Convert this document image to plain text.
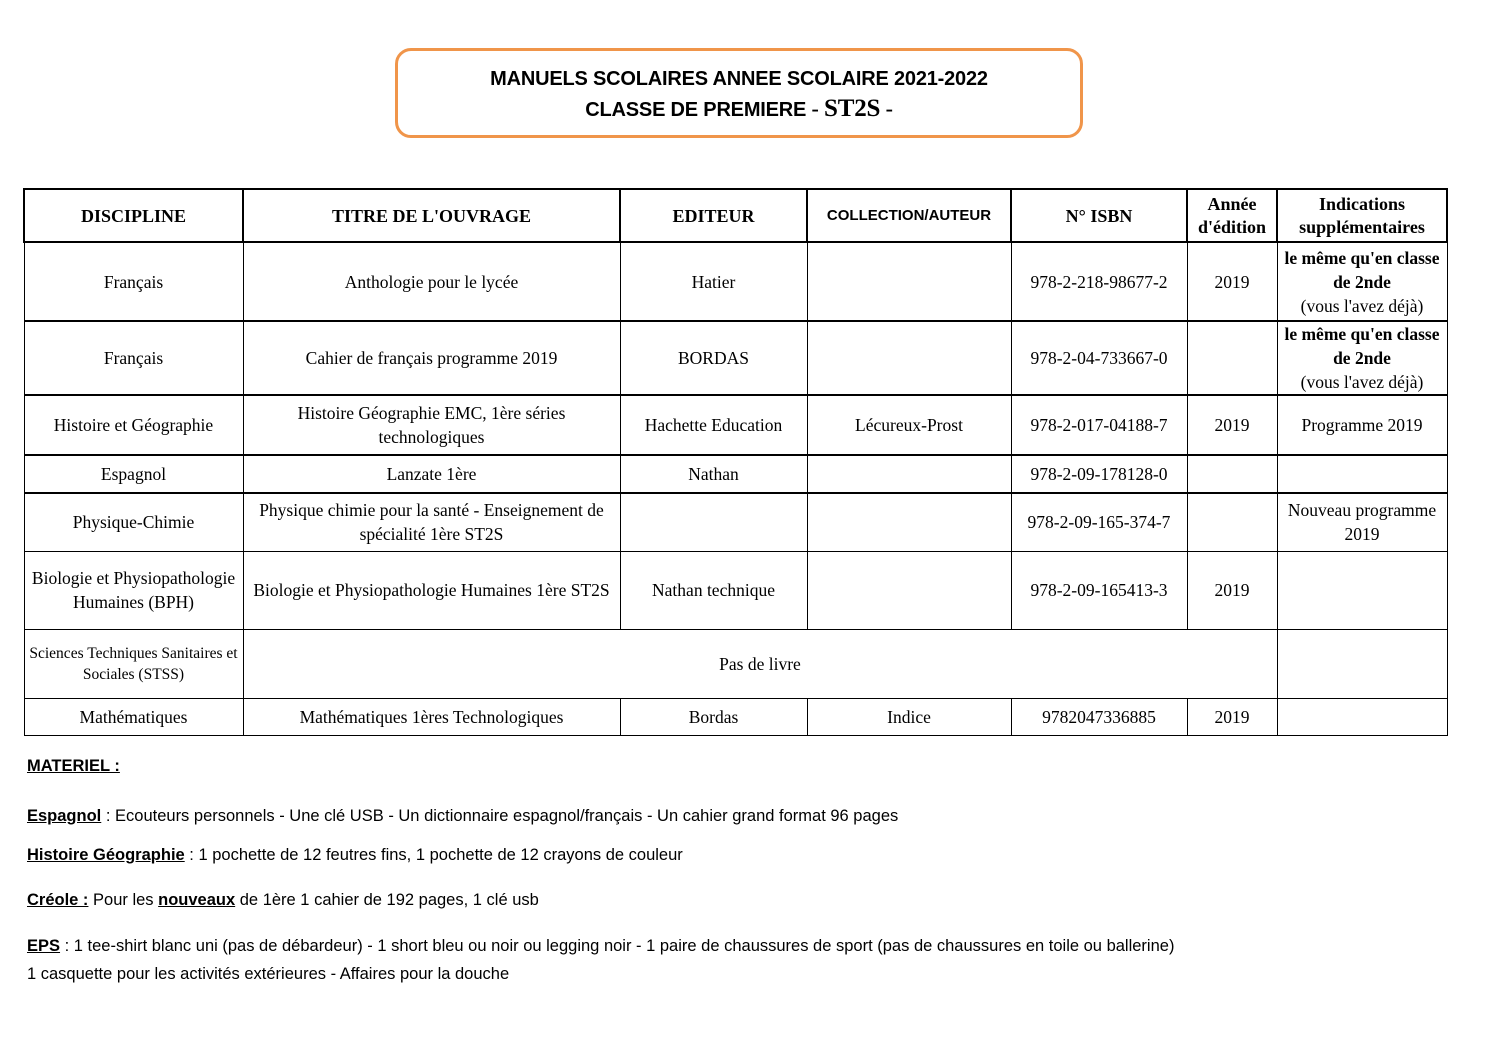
MANUELS SCOLAIRES ANNEE SCOLAIRE 2021-2022
CLASSE DE PREMIERE - ST2S -
DISCIPLINE	TITRE DE L'OUVRAGE	EDITEUR	COLLECTION/AUTEUR	N° ISBN	Année d'édition	Indications supplémentaires
Français	Anthologie pour le lycée	Hatier		978-2-218-98677-2	2019	le même qu'en classe de 2nde
(vous l'avez déjà)
Français	Cahier de français programme 2019	BORDAS		978-2-04-733667-0		le même qu'en classe de 2nde
(vous l'avez déjà)
Histoire et Géographie	Histoire Géographie EMC, 1ère séries technologiques	Hachette Education	Lécureux-Prost	978-2-017-04188-7	2019	Programme 2019
Espagnol	Lanzate 1ère	Nathan		978-2-09-178128-0		
Physique-Chimie	Physique chimie pour la santé - Enseignement de spécialité 1ère ST2S			978-2-09-165-374-7		Nouveau programme 2019
Biologie et Physiopathologie Humaines (BPH)	Biologie et Physiopathologie Humaines 1ère ST2S	Nathan technique		978-2-09-165413-3	2019	
Sciences Techniques Sanitaires et Sociales (STSS)	Pas de livre					
Mathématiques	Mathématiques 1ères Technologiques	Bordas	Indice	9782047336885	2019	
MATERIEL :
Espagnol : Ecouteurs personnels - Une clé USB - Un dictionnaire espagnol/français - Un cahier grand format 96 pages
Histoire Géographie : 1 pochette de 12 feutres fins, 1 pochette de 12 crayons de couleur
Créole : Pour les nouveaux de 1ère 1 cahier de 192 pages, 1 clé usb
EPS : 1 tee-shirt blanc uni (pas de débardeur) - 1 short bleu ou noir ou legging noir - 1 paire de chaussures de sport (pas de chaussures en toile ou ballerine)
1 casquette pour les activités extérieures - Affaires pour la douche
